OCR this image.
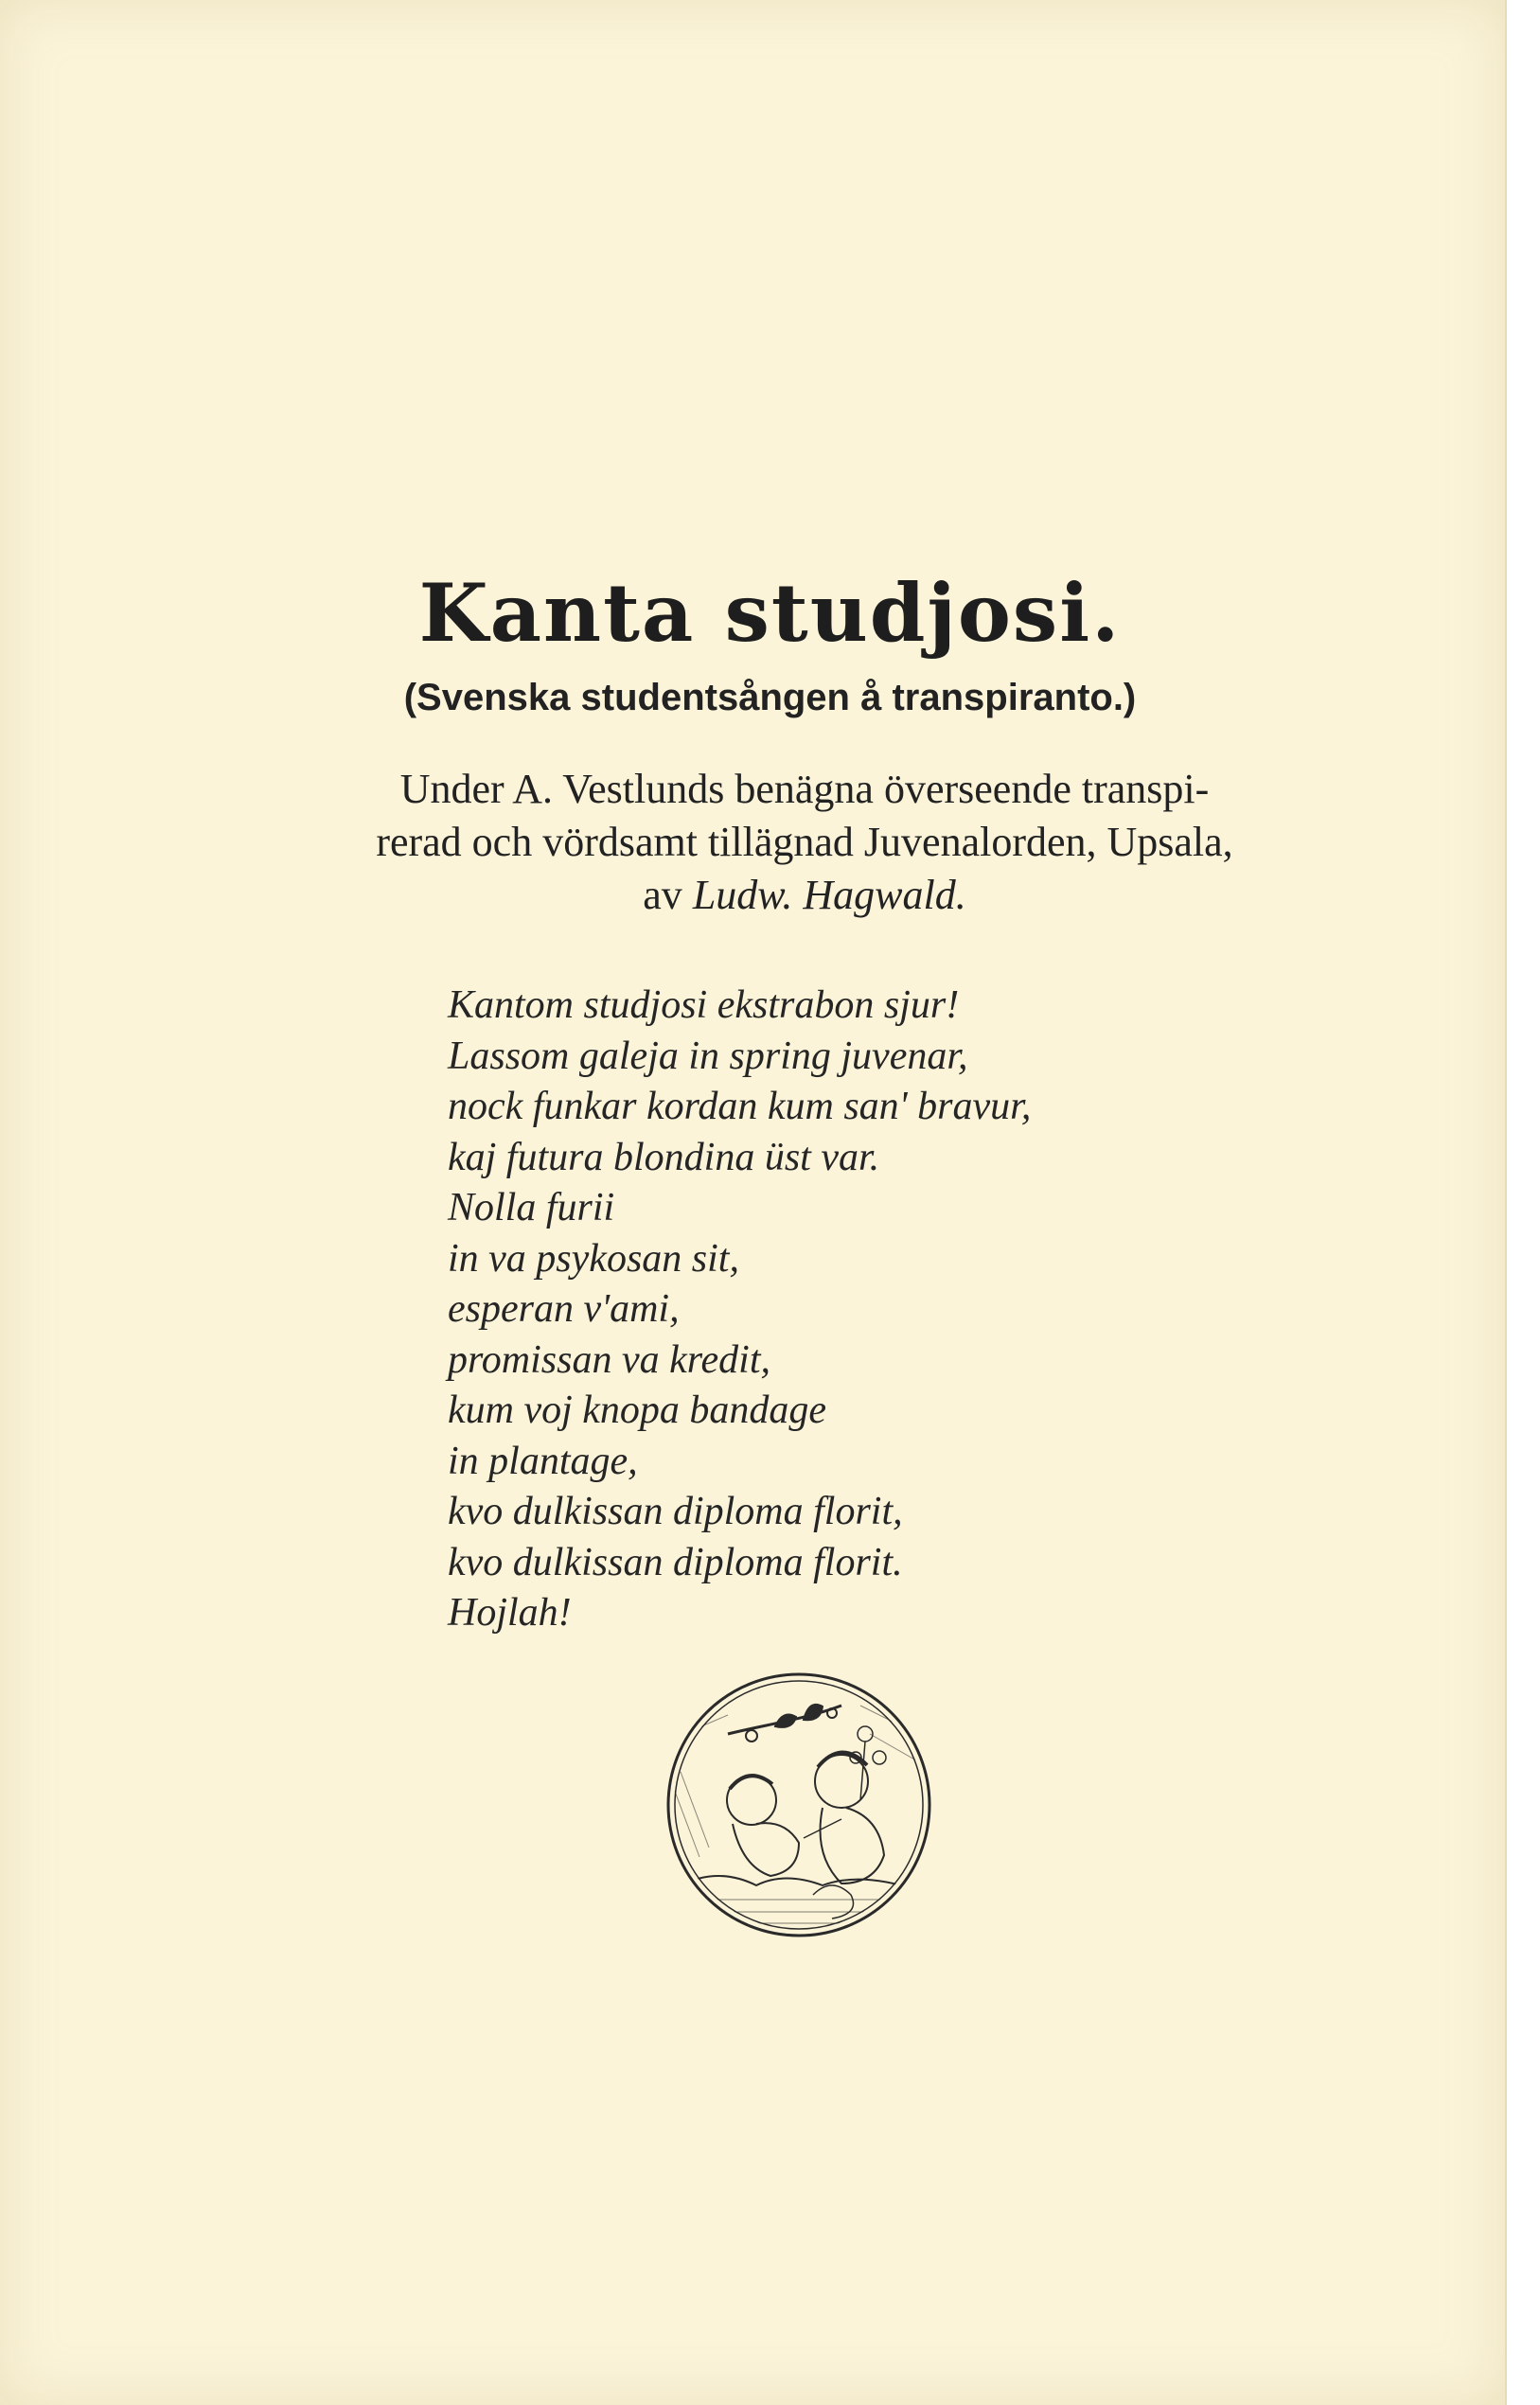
Kanta studjosi.
(Svenska studentsången å transpiranto.)
Under A. Vestlunds benägna överseende transpi-
rerad och vördsamt tillägnad Juvenalorden, Upsala,
av Ludw. Hagwald.
Kantom studjosi ekstrabon sjur!
Lassom galeja in spring juvenar,
nock funkar kordan kum san' bravur,
kaj futura blondina üst var.
Nolla furii
in va psykosan sit,
esperan v'ami,
promissan va kredit,
kum voj knopa bandage
in plantage,
kvo dulkissan diploma florit,
kvo dulkissan diploma florit.
Hojlah!
